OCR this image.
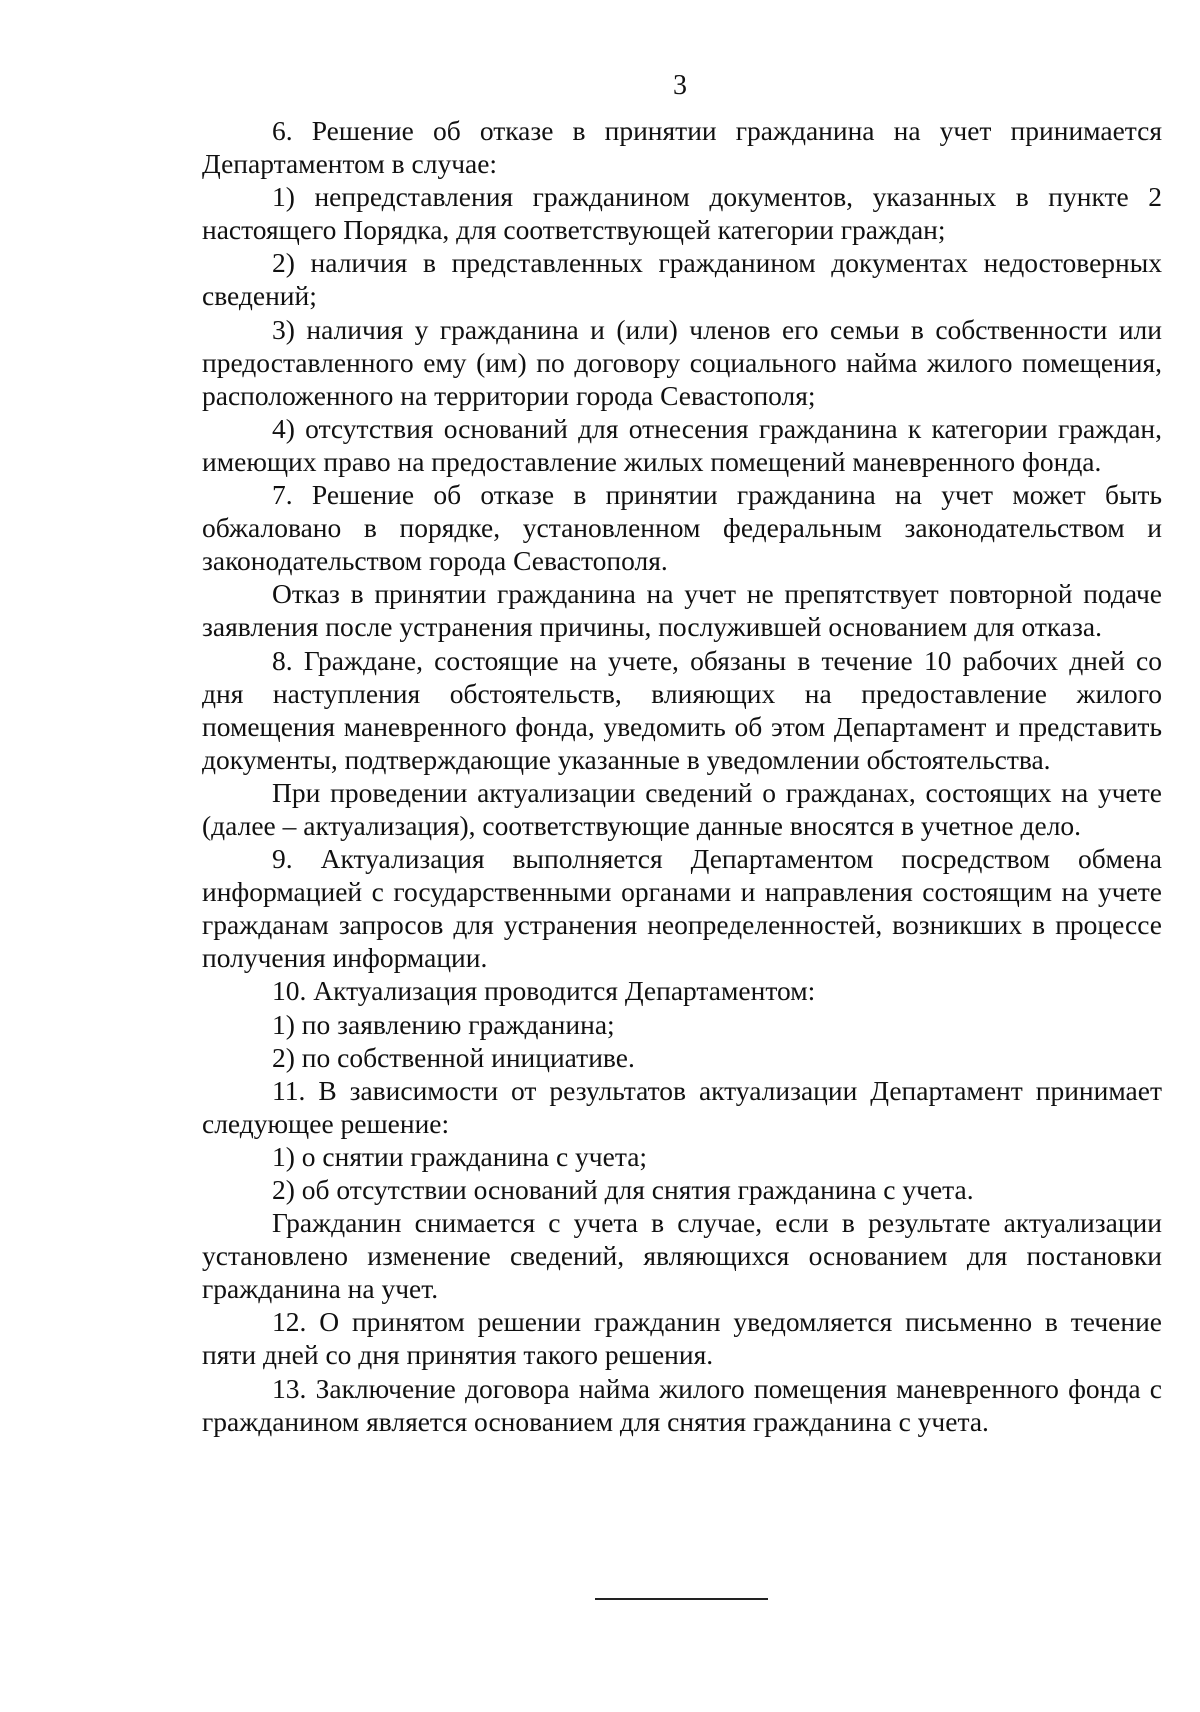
3

6. Решение об отказе в принятии гражданина на учет принимается Департаментом в случае:

1) непредставления гражданином документов, указанных в пункте 2 настоящего Порядка, для соответствующей категории граждан;

2) наличия в представленных гражданином документах недостоверных сведений;

3) наличия у гражданина и (или) членов его семьи в собственности или предоставленного ему (им) по договору социального найма жилого помещения, расположенного на территории города Севастополя;

4) отсутствия оснований для отнесения гражданина к категории граждан, имеющих право на предоставление жилых помещений маневренного фонда.

7. Решение об отказе в принятии гражданина на учет может быть обжаловано в порядке, установленном федеральным законодательством и законодательством города Севастополя.

Отказ в принятии гражданина на учет не препятствует повторной подаче заявления после устранения причины, послужившей основанием для отказа.

8. Граждане, состоящие на учете, обязаны в течение 10 рабочих дней со дня наступления обстоятельств, влияющих на предоставление жилого помещения маневренного фонда, уведомить об этом Департамент и представить документы, подтверждающие указанные в уведомлении обстоятельства.

При проведении актуализации сведений о гражданах, состоящих на учете (далее – актуализация), соответствующие данные вносятся в учетное дело.

9. Актуализация выполняется Департаментом посредством обмена информацией с государственными органами и направления состоящим на учете гражданам запросов для устранения неопределенностей, возникших в процессе получения информации.

10. Актуализация проводится Департаментом:

1) по заявлению гражданина;

2) по собственной инициативе.

11. В зависимости от результатов актуализации Департамент принимает следующее решение:

1) о снятии гражданина с учета;

2) об отсутствии оснований для снятия гражданина с учета.

Гражданин снимается с учета в случае, если в результате актуализации установлено изменение сведений, являющихся основанием для постановки гражданина на учет.

12. О принятом решении гражданин уведомляется письменно в течение пяти дней со дня принятия такого решения.

13. Заключение договора найма жилого помещения маневренного фонда с гражданином является основанием для снятия гражданина с учета.
